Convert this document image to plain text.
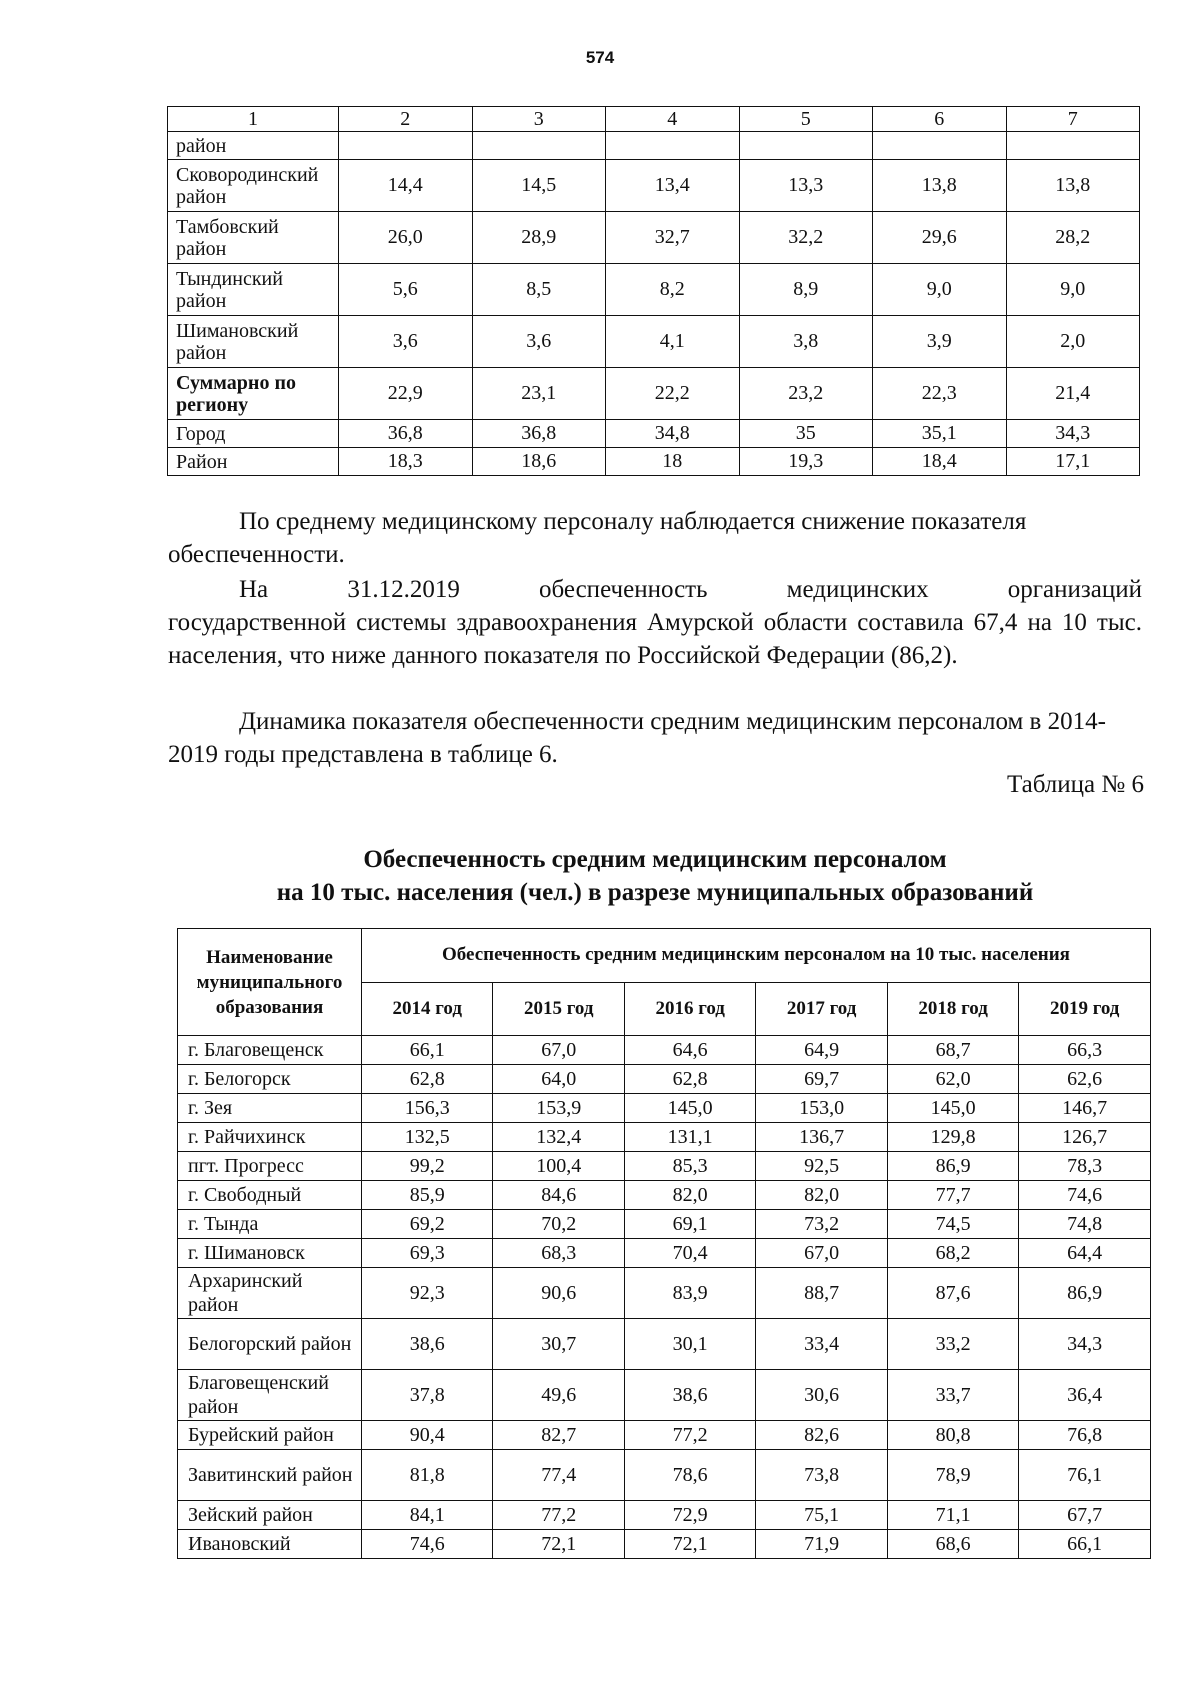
574
1	2	3	4	5	6	7
район						
Сковородинский район	14,4	14,5	13,4	13,3	13,8	13,8
Тамбовский район	26,0	28,9	32,7	32,2	29,6	28,2
Тындинский район	5,6	8,5	8,2	8,9	9,0	9,0
Шимановский район	3,6	3,6	4,1	3,8	3,9	2,0
Суммарно по региону	22,9	23,1	22,2	23,2	22,3	21,4
Город	36,8	36,8	34,8	35	35,1	34,3
Район	18,3	18,6	18	19,3	18,4	17,1
По среднему медицинскому персоналу наблюдается снижение показателя обеспеченности.
На 31.12.2019 обеспеченность медицинских организаций
государственной системы здравоохранения Амурской области составила 67,4 на 10 тыс. населения, что ниже данного показателя по Российской Федерации (86,2).
Динамика показателя обеспеченности средним медицинским персоналом в 2014-2019 годы представлена в таблице 6.
Таблица № 6
Обеспеченность средним медицинским персоналом
на 10 тыс. населения (чел.) в разрезе муниципальных образований
Наименование муниципального образования	Обеспеченность средним медицинским персоналом на 10 тыс. населения					
	2014 год	2015 год	2016 год	2017 год	2018 год	2019 год
г. Благовещенск	66,1	67,0	64,6	64,9	68,7	66,3
г. Белогорск	62,8	64,0	62,8	69,7	62,0	62,6
г. Зея	156,3	153,9	145,0	153,0	145,0	146,7
г. Райчихинск	132,5	132,4	131,1	136,7	129,8	126,7
пгт. Прогресс	99,2	100,4	85,3	92,5	86,9	78,3
г. Свободный	85,9	84,6	82,0	82,0	77,7	74,6
г. Тында	69,2	70,2	69,1	73,2	74,5	74,8
г. Шимановск	69,3	68,3	70,4	67,0	68,2	64,4
Архаринский район	92,3	90,6	83,9	88,7	87,6	86,9
Белогорский район	38,6	30,7	30,1	33,4	33,2	34,3
Благовещенский район	37,8	49,6	38,6	30,6	33,7	36,4
Бурейский район	90,4	82,7	77,2	82,6	80,8	76,8
Завитинский район	81,8	77,4	78,6	73,8	78,9	76,1
Зейский район	84,1	77,2	72,9	75,1	71,1	67,7
Ивановский	74,6	72,1	72,1	71,9	68,6	66,1
